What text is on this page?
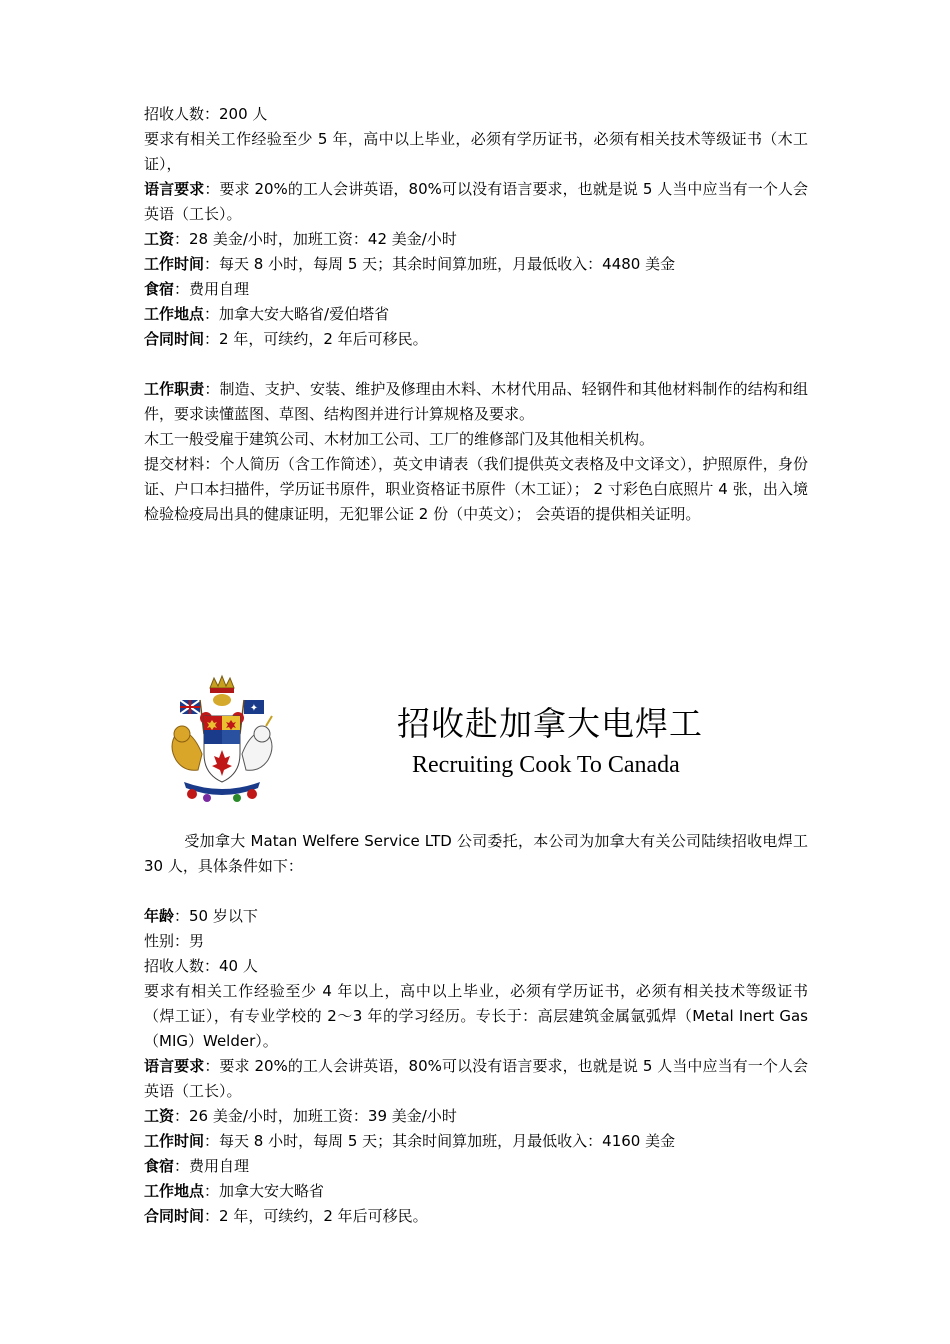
招收人数：200 人
要求有相关工作经验至少 5 年，高中以上毕业，必须有学历证书，必须有相关技术等级证书（木工证），
语言要求：要求 20%的工人会讲英语，80%可以没有语言要求，也就是说 5 人当中应当有一个人会英语（工长）。
工资：28 美金/小时，加班工资：42 美金/小时
工作时间：每天 8 小时，每周 5 天；其余时间算加班，月最低收入：4480 美金
食宿：费用自理
工作地点：加拿大安大略省/爱伯塔省
合同时间：2 年，可续约，2 年后可移民。
工作职责：制造、支护、安装、维护及修理由木料、木材代用品、轻钢件和其他材料制作的结构和组件，要求读懂蓝图、草图、结构图并进行计算规格及要求。
木工一般受雇于建筑公司、木材加工公司、工厂的维修部门及其他相关机构。
提交材料：个人简历（含工作简述），英文申请表（我们提供英文表格及中文译文），护照原件，身份证、户口本扫描件，学历证书原件，职业资格证书原件（木工证）； 2 寸彩色白底照片 4 张，出入境检验检疫局出具的健康证明，无犯罪公证 2 份（中英文）； 会英语的提供相关证明。
✦	招收赴加拿大电焊工
Recruiting Cook To Canada
受加拿大 Matan Welfere Service LTD 公司委托，本公司为加拿大有关公司陆续招收电焊工 30 人，具体条件如下：
年龄：50 岁以下
性别：男
招收人数：40 人
要求有相关工作经验至少 4 年以上，高中以上毕业，必须有学历证书，必须有相关技术等级证书（焊工证），有专业学校的 2～3 年的学习经历。专长于：高层建筑金属氩弧焊（Metal Inert Gas（MIG）Welder）。
语言要求：要求 20%的工人会讲英语，80%可以没有语言要求，也就是说 5 人当中应当有一个人会英语（工长）。
工资：26 美金/小时，加班工资：39 美金/小时
工作时间：每天 8 小时，每周 5 天；其余时间算加班，月最低收入：4160 美金
食宿：费用自理
工作地点：加拿大安大略省
合同时间：2 年，可续约，2 年后可移民。
